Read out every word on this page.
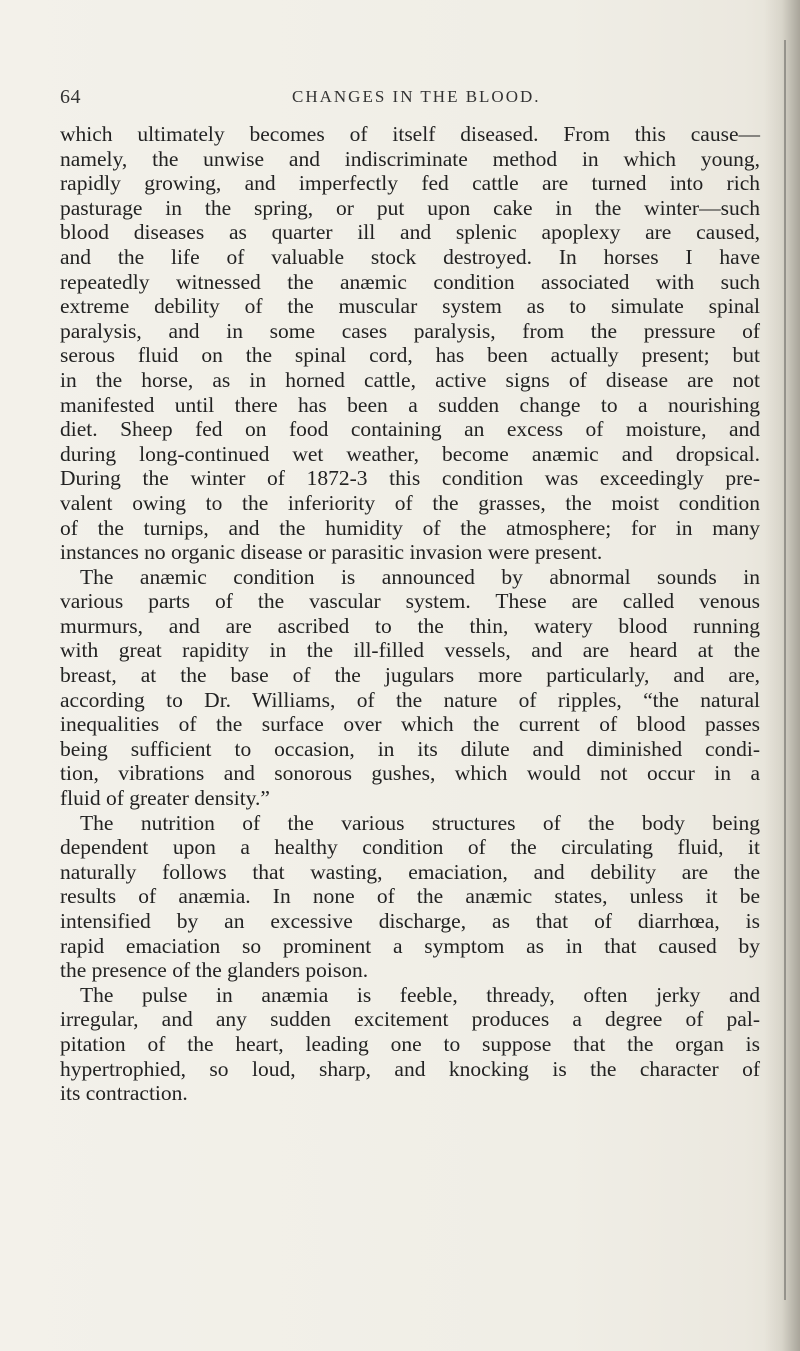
64	CHANGES IN THE BLOOD.
which ultimately becomes of itself diseased. From this cause—
namely, the unwise and indiscriminate method in which young,
rapidly growing, and imperfectly fed cattle are turned into rich
pasturage in the spring, or put upon cake in the winter—such
blood diseases as quarter ill and splenic apoplexy are caused,
and the life of valuable stock destroyed. In horses I have
repeatedly witnessed the anæmic condition associated with such
extreme debility of the muscular system as to simulate spinal
paralysis, and in some cases paralysis, from the pressure of
serous fluid on the spinal cord, has been actually present; but
in the horse, as in horned cattle, active signs of disease are not
manifested until there has been a sudden change to a nourishing
diet. Sheep fed on food containing an excess of moisture, and
during long-continued wet weather, become anæmic and dropsical.
During the winter of 1872-3 this condition was exceedingly pre-
valent owing to the inferiority of the grasses, the moist condition
of the turnips, and the humidity of the atmosphere; for in many
instances no organic disease or parasitic invasion were present.
The anæmic condition is announced by abnormal sounds in
various parts of the vascular system. These are called venous
murmurs, and are ascribed to the thin, watery blood running
with great rapidity in the ill-filled vessels, and are heard at the
breast, at the base of the jugulars more particularly, and are,
according to Dr. Williams, of the nature of ripples, “the natural
inequalities of the surface over which the current of blood passes
being sufficient to occasion, in its dilute and diminished condi-
tion, vibrations and sonorous gushes, which would not occur in a
fluid of greater density.”
The nutrition of the various structures of the body being
dependent upon a healthy condition of the circulating fluid, it
naturally follows that wasting, emaciation, and debility are the
results of anæmia. In none of the anæmic states, unless it be
intensified by an excessive discharge, as that of diarrhœa, is
rapid emaciation so prominent a symptom as in that caused by
the presence of the glanders poison.
The pulse in anæmia is feeble, thready, often jerky and
irregular, and any sudden excitement produces a degree of pal-
pitation of the heart, leading one to suppose that the organ is
hypertrophied, so loud, sharp, and knocking is the character of
its contraction.
